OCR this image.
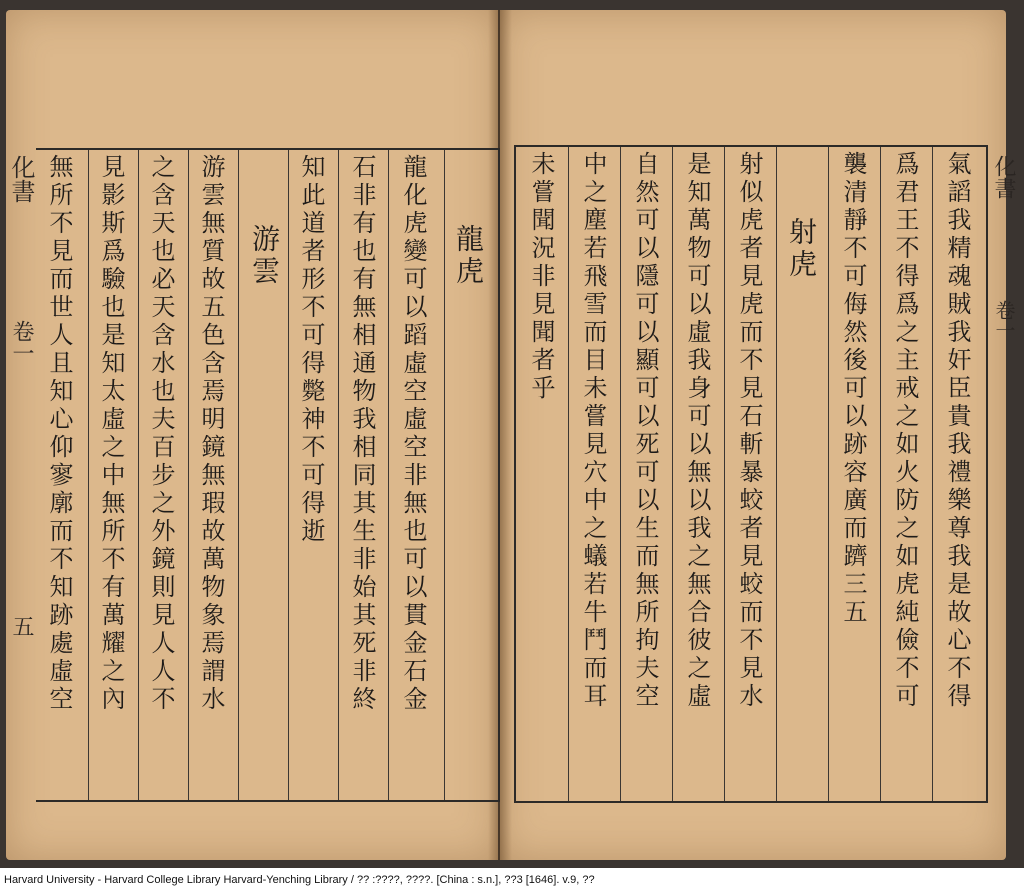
化書
卷一
五
龍虎
龍化虎變可以蹈虛空虛空非無也可以貫金石金
石非有也有無相通物我相同其生非始其死非終
知此道者形不可得斃神不可得逝
游雲
游雲無質故五色含焉明鏡無瑕故萬物象焉謂水
之含天也必天含水也夫百步之外鏡則見人人不
見影斯爲驗也是知太虛之中無所不有萬耀之內
無所不見而世人且知心仰寥廓而不知跡處虛空	化書
卷一
氣謟我精魂賊我奸臣貴我禮樂尊我是故心不得
爲君王不得爲之主戒之如火防之如虎純儉不可
襲清靜不可侮然後可以跡容廣而躋三五
射虎
射似虎者見虎而不見石斬暴蛟者見蛟而不見水
是知萬物可以虛我身可以無以我之無合彼之虛
自然可以隱可以顯可以死可以生而無所拘夫空
中之塵若飛雪而目未嘗見穴中之蟻若牛鬥而耳
未嘗聞況非見聞者乎
Harvard University - Harvard College Library Harvard-Yenching Library / ?? :????, ????. [China : s.n.], ??3 [1646]. v.9, ??
